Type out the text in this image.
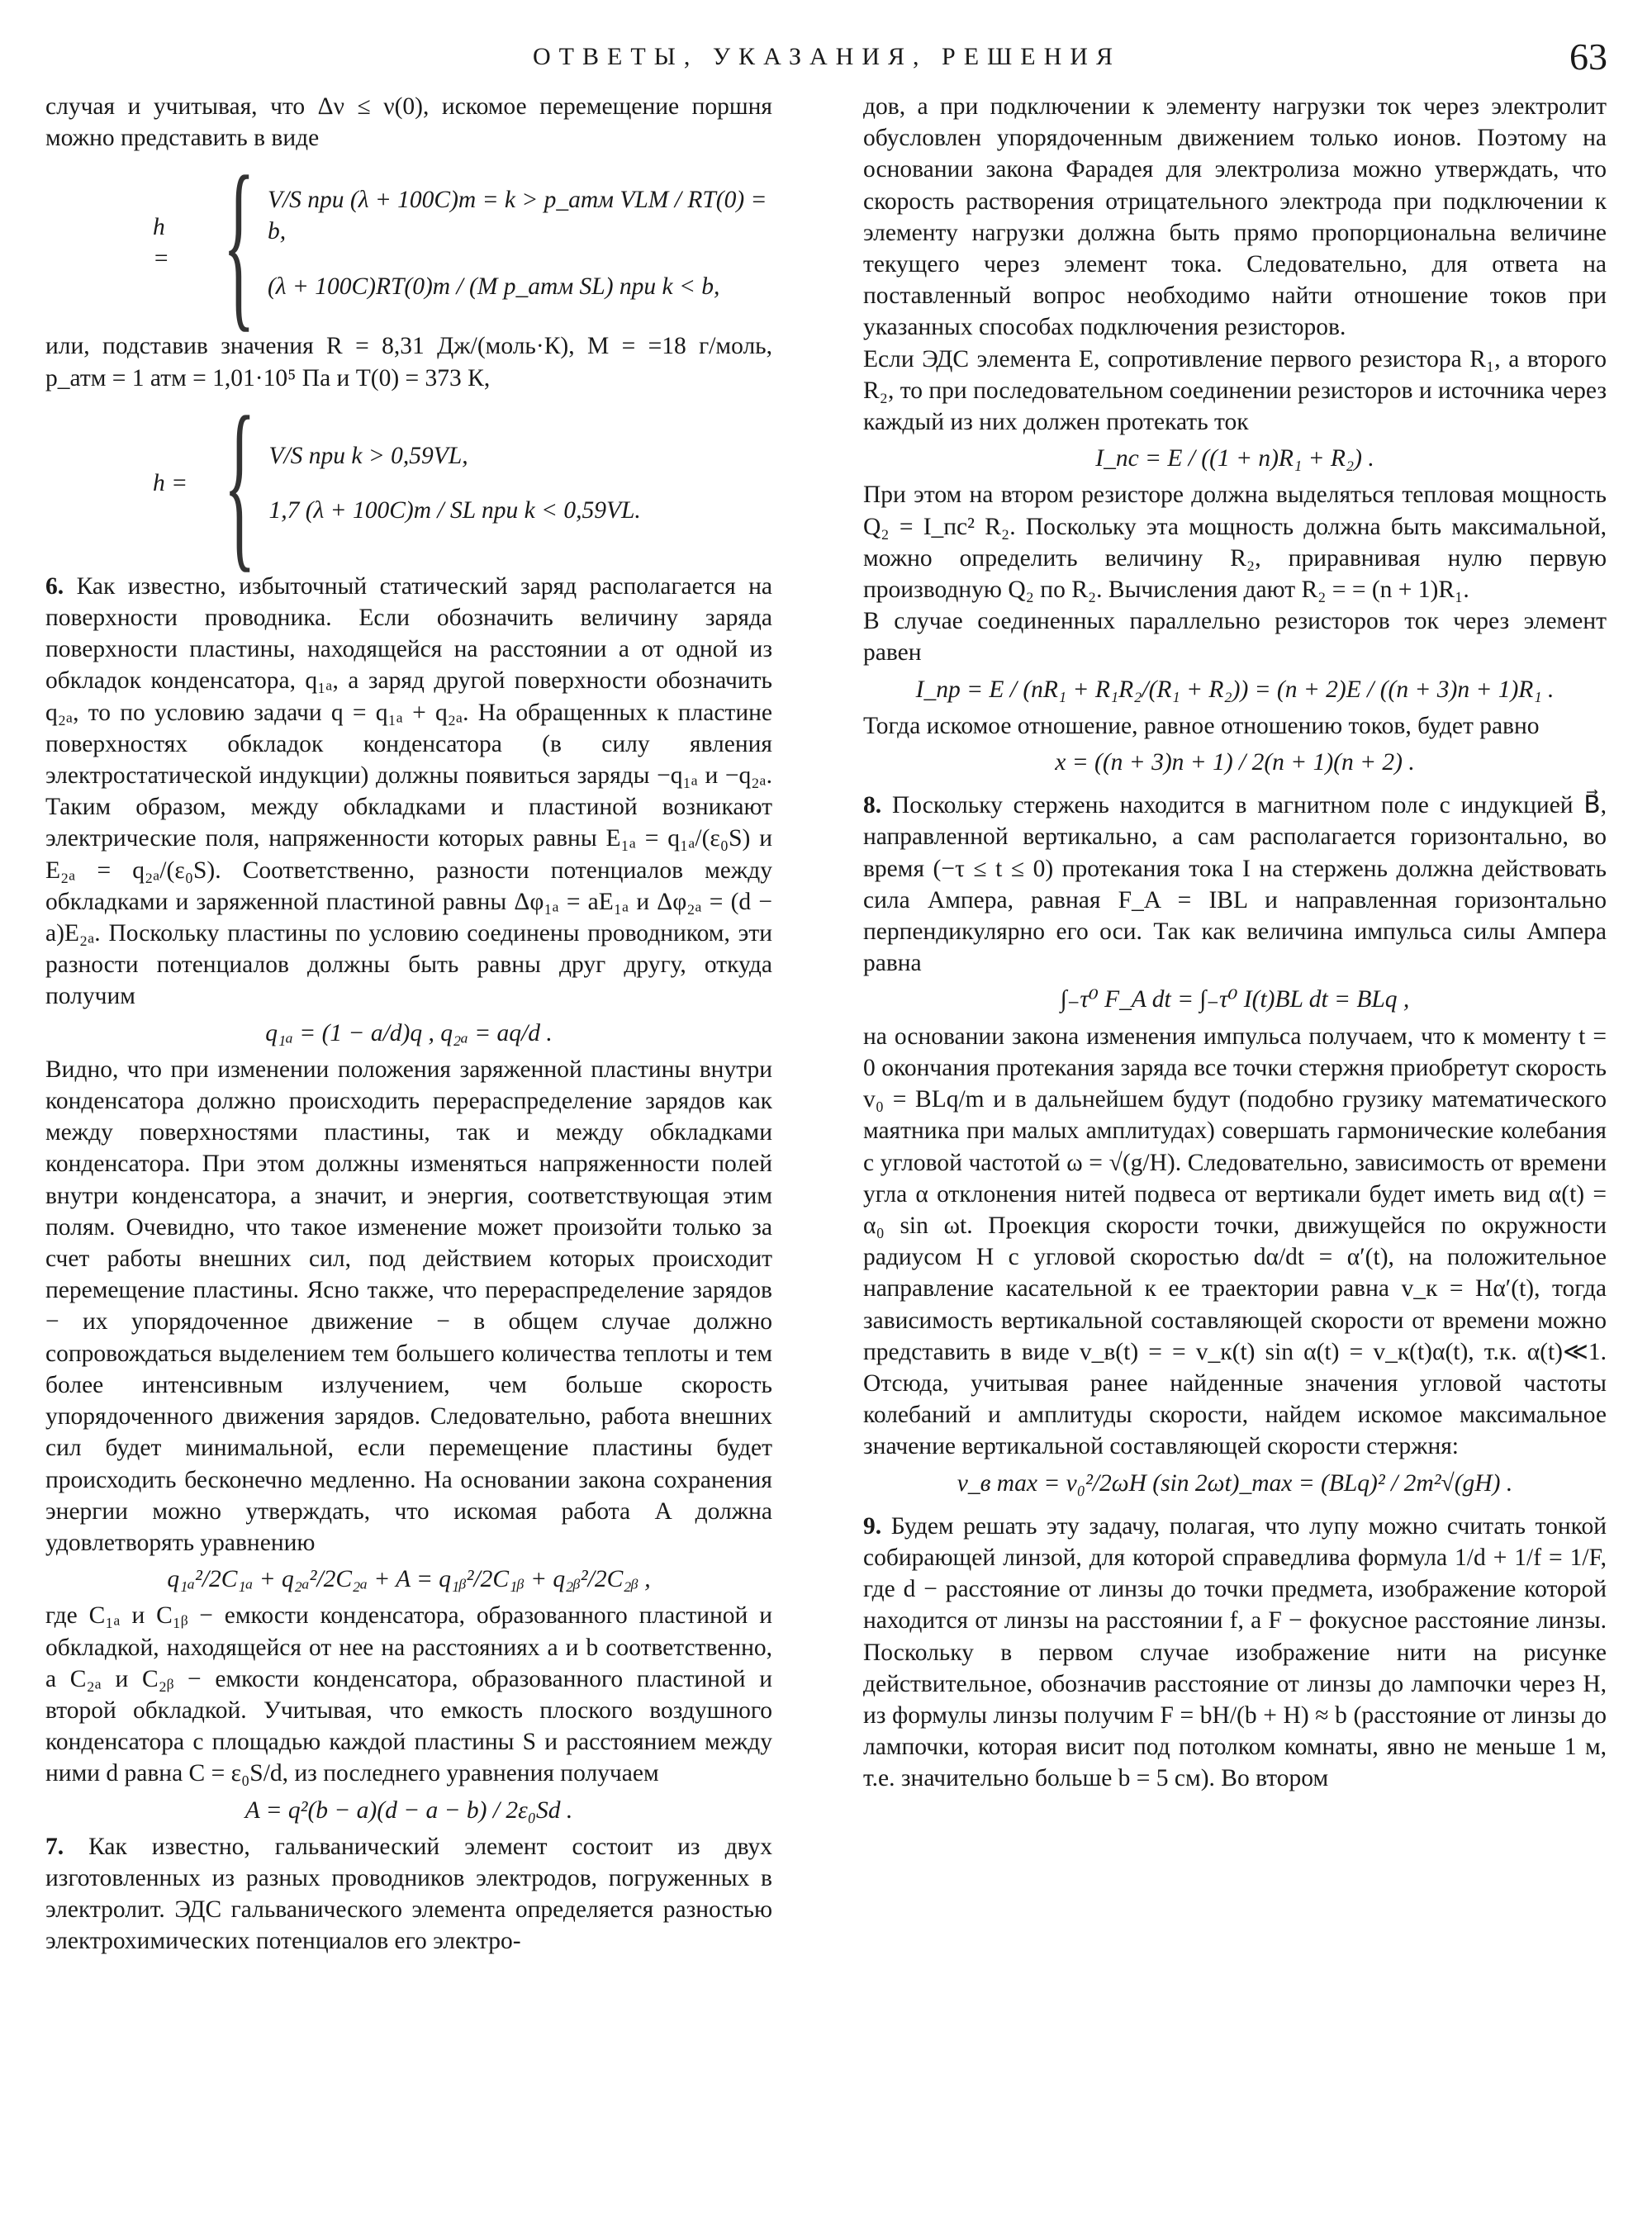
ОТВЕТЫ, УКАЗАНИЯ, РЕШЕНИЯ	63

случая и учитывая, что Δν ≤ ν(0), искомое перемещение поршня можно представить в виде

h = { V/S при (λ + 100C)m = k > p_атм VLM / RT(0) = b,
(λ + 100C)RT(0)m / (M p_атм SL) при k < b,

или, подставив значения R = 8,31 Дж/(моль·К), М = =18 г/моль, p_атм = 1 атм = 1,01·10⁵ Па и T(0) = 373 К,

h = { V/S при k > 0,59VL,
1,7 (λ + 100C)m / SL при k < 0,59VL.

6. Как известно, избыточный статический заряд располагается на поверхности проводника. Если обозначить величину заряда поверхности пластины, находящейся на расстоянии a от одной из обкладок конденсатора, q₁ₐ, а заряд другой поверхности обозначить q₂ₐ, то по условию задачи q = q₁ₐ + q₂ₐ. На обращенных к пластине поверхностях обкладок конденсатора (в силу явления электростатической индукции) должны появиться заряды −q₁ₐ и −q₂ₐ. Таким образом, между обкладками и пластиной возникают электрические поля, напряженности которых равны E₁ₐ = q₁ₐ/(ε₀S) и E₂ₐ = q₂ₐ/(ε₀S). Соответственно, разности потенциалов между обкладками и заряженной пластиной равны Δφ₁ₐ = aE₁ₐ и Δφ₂ₐ = (d − a)E₂ₐ. Поскольку пластины по условию соединены проводником, эти разности потенциалов должны быть равны друг другу, откуда получим

q₁ₐ = (1 − a/d)q , q₂ₐ = aq/d .

Видно, что при изменении положения заряженной пластины внутри конденсатора должно происходить перераспределение зарядов как между поверхностями пластины, так и между обкладками конденсатора. При этом должны изменяться напряженности полей внутри конденсатора, а значит, и энергия, соответствующая этим полям. Очевидно, что такое изменение может произойти только за счет работы внешних сил, под действием которых происходит перемещение пластины. Ясно также, что перераспределение зарядов − их упорядоченное движение − в общем случае должно сопровождаться выделением тем большего количества теплоты и тем более интенсивным излучением, чем больше скорость упорядоченного движения зарядов. Следовательно, работа внешних сил будет минимальной, если перемещение пластины будет происходить бесконечно медленно. На основании закона сохранения энергии можно утверждать, что искомая работа A должна удовлетворять уравнению

q₁ₐ²/2C₁ₐ + q₂ₐ²/2C₂ₐ + A = q₁ᵦ²/2C₁ᵦ + q₂ᵦ²/2C₂ᵦ ,

где C₁ₐ и C₁ᵦ − емкости конденсатора, образованного пластиной и обкладкой, находящейся от нее на расстояниях a и b соответственно, а C₂ₐ и C₂ᵦ − емкости конденсатора, образованного пластиной и второй обкладкой. Учитывая, что емкость плоского воздушного конденсатора с площадью каждой пластины S и расстоянием между ними d равна C = ε₀S/d, из последнего уравнения получаем

A = q²(b − a)(d − a − b) / 2ε₀Sd .

7. Как известно, гальванический элемент состоит из двух изготовленных из разных проводников электродов, погруженных в электролит. ЭДС гальванического элемента определяется разностью электрохимических потенциалов его электро-

дов, а при подключении к элементу нагрузки ток через электролит обусловлен упорядоченным движением только ионов. Поэтому на основании закона Фарадея для электролиза можно утверждать, что скорость растворения отрицательного электрода при подключении к элементу нагрузки должна быть прямо пропорциональна величине текущего через элемент тока. Следовательно, для ответа на поставленный вопрос необходимо найти отношение токов при указанных способах подключения резисторов.

Если ЭДС элемента E, сопротивление первого резистора R₁, а второго R₂, то при последовательном соединении резисторов и источника через каждый из них должен протекать ток

I_пс = E / ((1 + n)R₁ + R₂) .

При этом на втором резисторе должна выделяться тепловая мощность Q₂ = I_пс² R₂. Поскольку эта мощность должна быть максимальной, можно определить величину R₂, приравнивая нулю первую производную Q₂ по R₂. Вычисления дают R₂ = = (n + 1)R₁.

В случае соединенных параллельно резисторов ток через элемент равен

I_пр = E / (nR₁ + R₁R₂/(R₁ + R₂)) = (n + 2)E / ((n + 3)n + 1)R₁ .

Тогда искомое отношение, равное отношению токов, будет равно

x = ((n + 3)n + 1) / 2(n + 1)(n + 2) .

8. Поскольку стержень находится в магнитном поле с индукцией B⃗, направленной вертикально, а сам располагается горизонтально, во время (−τ ≤ t ≤ 0) протекания тока I на стержень должна действовать сила Ампера, равная F_A = IBL и направленная горизонтально перпендикулярно его оси. Так как величина импульса силы Ампера равна

∫₋τ⁰ F_A dt = ∫₋τ⁰ I(t)BL dt = BLq ,

на основании закона изменения импульса получаем, что к моменту t = 0 окончания протекания заряда все точки стержня приобретут скорость v₀ = BLq/m и в дальнейшем будут (подобно грузику математического маятника при малых амплитудах) совершать гармонические колебания с угловой частотой ω = √(g/H). Следовательно, зависимость от времени угла α отклонения нитей подвеса от вертикали будет иметь вид α(t) = α₀ sin ωt. Проекция скорости точки, движущейся по окружности радиусом H с угловой скоростью dα/dt = α′(t), на положительное направление касательной к ее траектории равна v_к = Hα′(t), тогда зависимость вертикальной составляющей скорости от времени можно представить в виде v_в(t) = = v_к(t) sin α(t) = v_к(t)α(t), т.к. α(t)≪1. Отсюда, учитывая ранее найденные значения угловой частоты колебаний и амплитуды скорости, найдем искомое максимальное значение вертикальной составляющей скорости стержня:

v_в max = v₀²/2ωH (sin 2ωt)_max = (BLq)² / 2m²√(gH) .

9. Будем решать эту задачу, полагая, что лупу можно считать тонкой собирающей линзой, для которой справедлива формула 1/d + 1/f = 1/F, где d − расстояние от линзы до точки предмета, изображение которой находится от линзы на расстоянии f, а F − фокусное расстояние линзы. Поскольку в первом случае изображение нити на рисунке действительное, обозначив расстояние от линзы до лампочки через H, из формулы линзы получим F = bH/(b + H) ≈ b (расстояние от линзы до лампочки, которая висит под потолком комнаты, явно не меньше 1 м, т.е. значительно больше b = 5 см). Во втором
